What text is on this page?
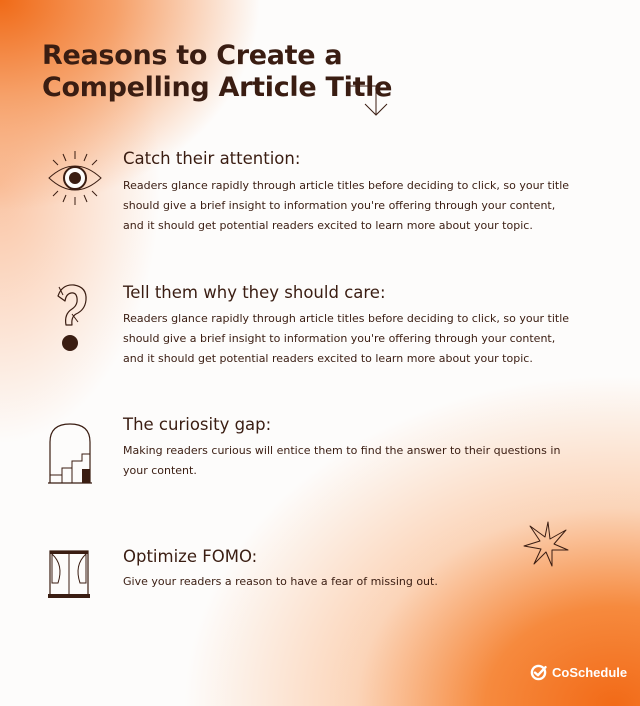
Reasons to Create a
Compelling Article Title
Catch their attention:

Readers glance rapidly through article titles before deciding to click, so your title should give a brief insight to information you're offering through your content, and it should get potential readers excited to learn more about your topic.

Tell them why they should care:

Readers glance rapidly through article titles before deciding to click, so your title should give a brief insight to information you're offering through your content, and it should get potential readers excited to learn more about your topic.

The curiosity gap:

Making readers curious will entice them to find the answer to their questions in your content.

Optimize FOMO:

Give your readers a reason to have a fear of missing out.

CoSchedule
